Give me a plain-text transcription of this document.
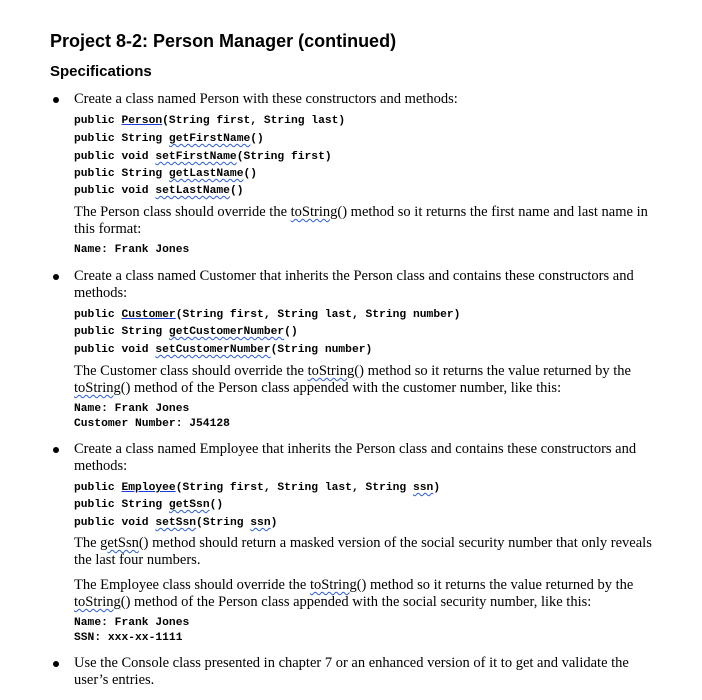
Project 8-2: Person Manager (continued)
Specifications

Create a class named Person with these constructors and methods:

public Person(String first, String last)
public String getFirstName()
public void setFirstName(String first)
public String getLastName()
public void setLastName()

The Person class should override the toString() method so it returns the first name and last name in this format:

Name: Frank Jones

Create a class named Customer that inherits the Person class and contains these constructors and methods:

public Customer(String first, String last, String number)
public String getCustomerNumber()
public void setCustomerNumber(String number)

The Customer class should override the toString() method so it returns the value returned by the toString() method of the Person class appended with the customer number, like this:

Name: Frank Jones
Customer Number: J54128

Create a class named Employee that inherits the Person class and contains these constructors and methods:

public Employee(String first, String last, String ssn)
public String getSsn()
public void setSsn(String ssn)

The getSsn() method should return a masked version of the social security number that only reveals the last four numbers.

The Employee class should override the toString() method so it returns the value returned by the toString() method of the Person class appended with the social security number, like this:

Name: Frank Jones
SSN: xxx-xx-1111

Use the Console class presented in chapter 7 or an enhanced version of it to get and validate the user’s entries.
